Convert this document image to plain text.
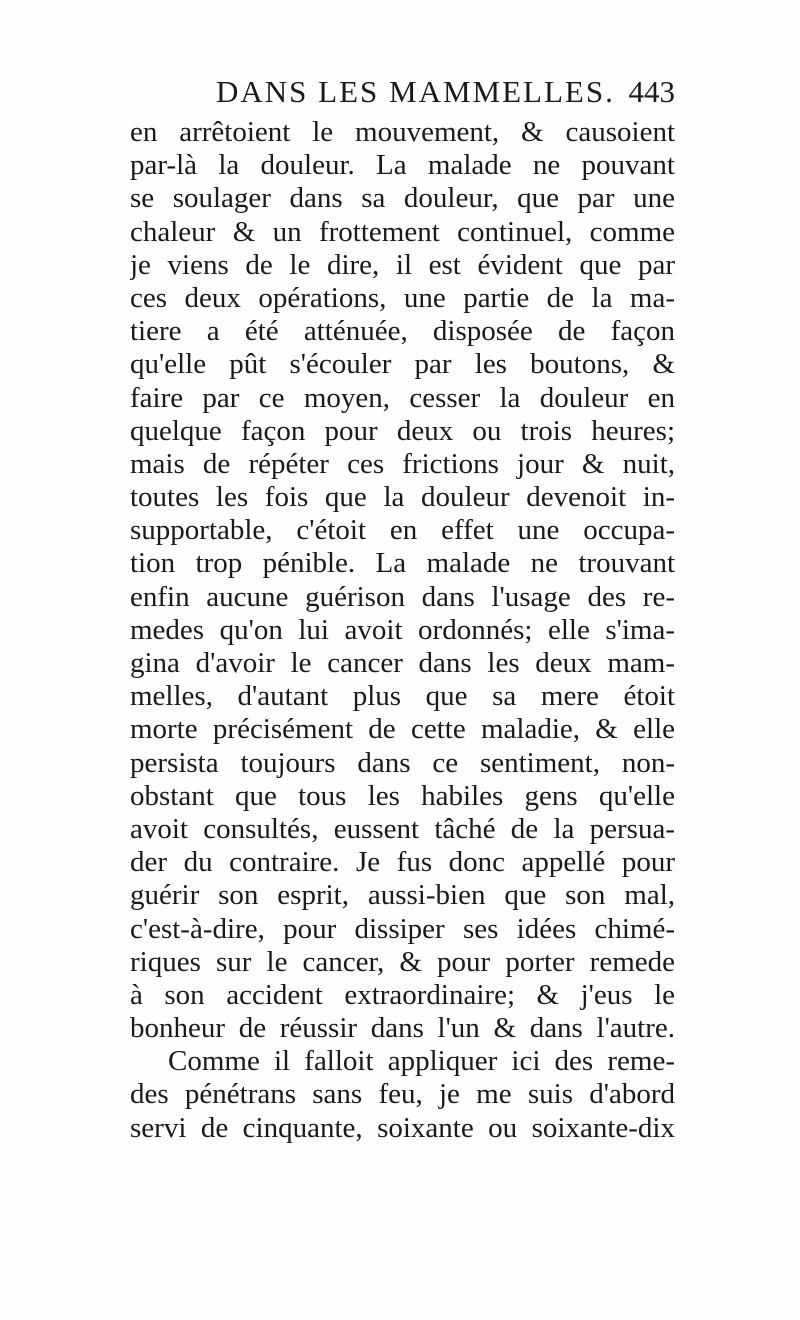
DANS LES MAMMELLES. 443
en arrêtoient le mouvement, & causoient
par-là la douleur. La malade ne pouvant
se soulager dans sa douleur, que par une
chaleur & un frottement continuel, comme
je viens de le dire, il est évident que par
ces deux opérations, une partie de la ma-
tiere a été atténuée, disposée de façon
qu'elle pût s'écouler par les boutons, &
faire par ce moyen, cesser la douleur en
quelque façon pour deux ou trois heures;
mais de répéter ces frictions jour & nuit,
toutes les fois que la douleur devenoit in-
supportable, c'étoit en effet une occupa-
tion trop pénible. La malade ne trouvant
enfin aucune guérison dans l'usage des re-
medes qu'on lui avoit ordonnés; elle s'ima-
gina d'avoir le cancer dans les deux mam-
melles, d'autant plus que sa mere étoit
morte précisément de cette maladie, & elle
persista toujours dans ce sentiment, non-
obstant que tous les habiles gens qu'elle
avoit consultés, eussent tâché de la persua-
der du contraire. Je fus donc appellé pour
guérir son esprit, aussi-bien que son mal,
c'est-à-dire, pour dissiper ses idées chimé-
riques sur le cancer, & pour porter remede
à son accident extraordinaire; & j'eus le
bonheur de réussir dans l'un & dans l'autre.
Comme il falloit appliquer ici des reme-
des pénétrans sans feu, je me suis d'abord
servi de cinquante, soixante ou soixante-dix
